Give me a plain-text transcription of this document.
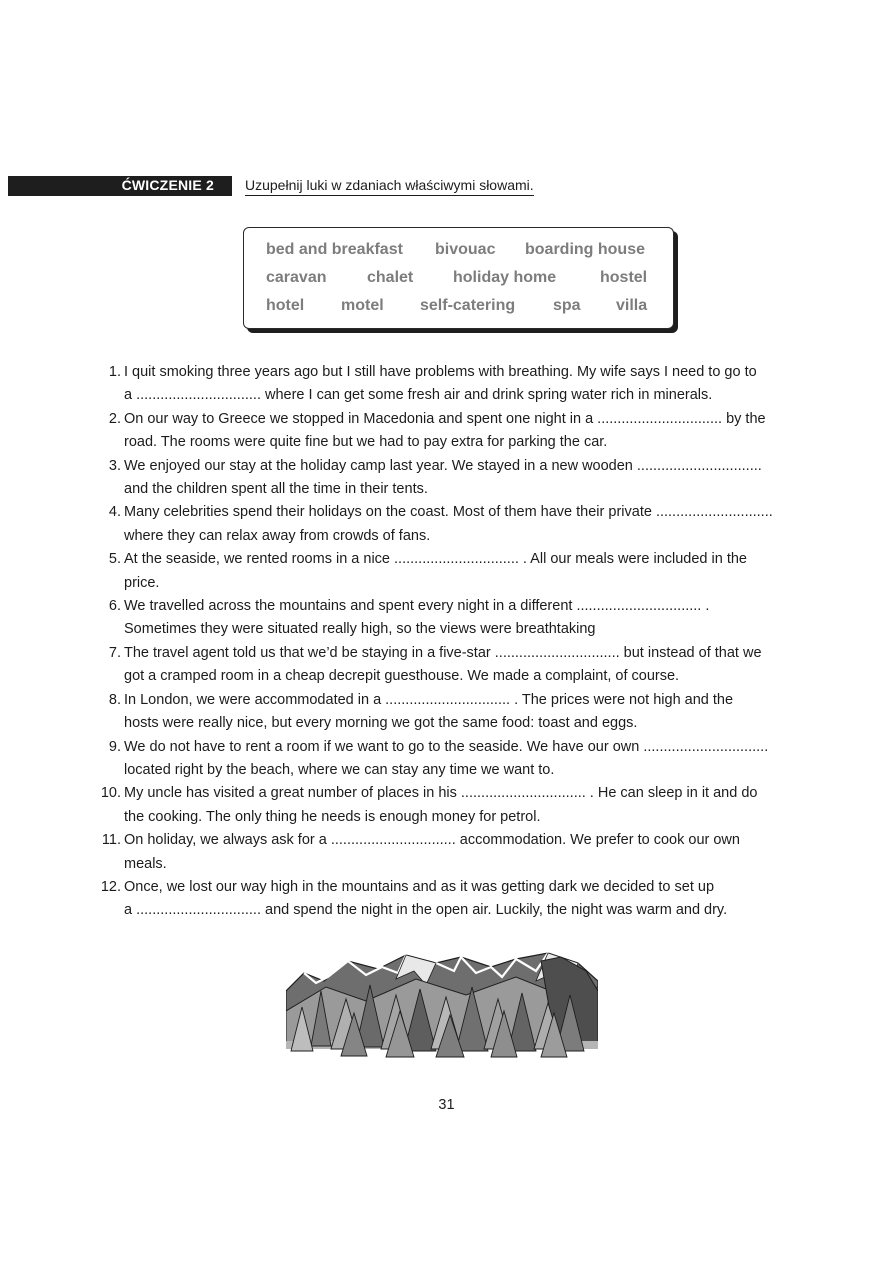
ĆWICZENIE 2 Uzupełnij luki w zdaniach właściwymi słowami.
bed and breakfast bivouac boarding house
caravan	chalet holiday home	hostel
hotel motel self-catering spa villa
1. I quit smoking three years ago but I still have problems with breathing. My wife says I need to go to
a ............................... where I can get some fresh air and drink spring water rich in minerals.
2. On our way to Greece we stopped in Macedonia and spent one night in a ............................... by the
road. The rooms were quite fine but we had to pay extra for parking the car.
3. We enjoyed our stay at the holiday camp last year. We stayed in a new wooden ...............................
and the children spent all the time in their tents.
4. Many celebrities spend their holidays on the coast. Most of them have their private .............................
where they can relax away from crowds of fans.
5. At the seaside, we rented rooms in a nice ............................... . All our meals were included in the
price.
6. We travelled across the mountains and spent every night in a different ............................... .
Sometimes they were situated really high, so the views were breathtaking
7. The travel agent told us that we’d be staying in a five-star ............................... but instead of that we
got a cramped room in a cheap decrepit guesthouse. We made a complaint, of course.
8. In London, we were accommodated in a ............................... . The prices were not high and the
hosts were really nice, but every morning we got the same food: toast and eggs.
9. We do not have to rent a room if we want to go to the seaside. We have our own ...............................
located right by the beach, where we can stay any time we want to.
10. My uncle has visited a great number of places in his ............................... . He can sleep in it and do
the cooking. The only thing he needs is enough money for petrol.
11. On holiday, we always ask for a ............................... accommodation. We prefer to cook our own
meals.
12. Once, we lost our way high in the mountains and as it was getting dark we decided to set up
a ............................... and spend the night in the open air. Luckily, the night was warm and dry.
31
